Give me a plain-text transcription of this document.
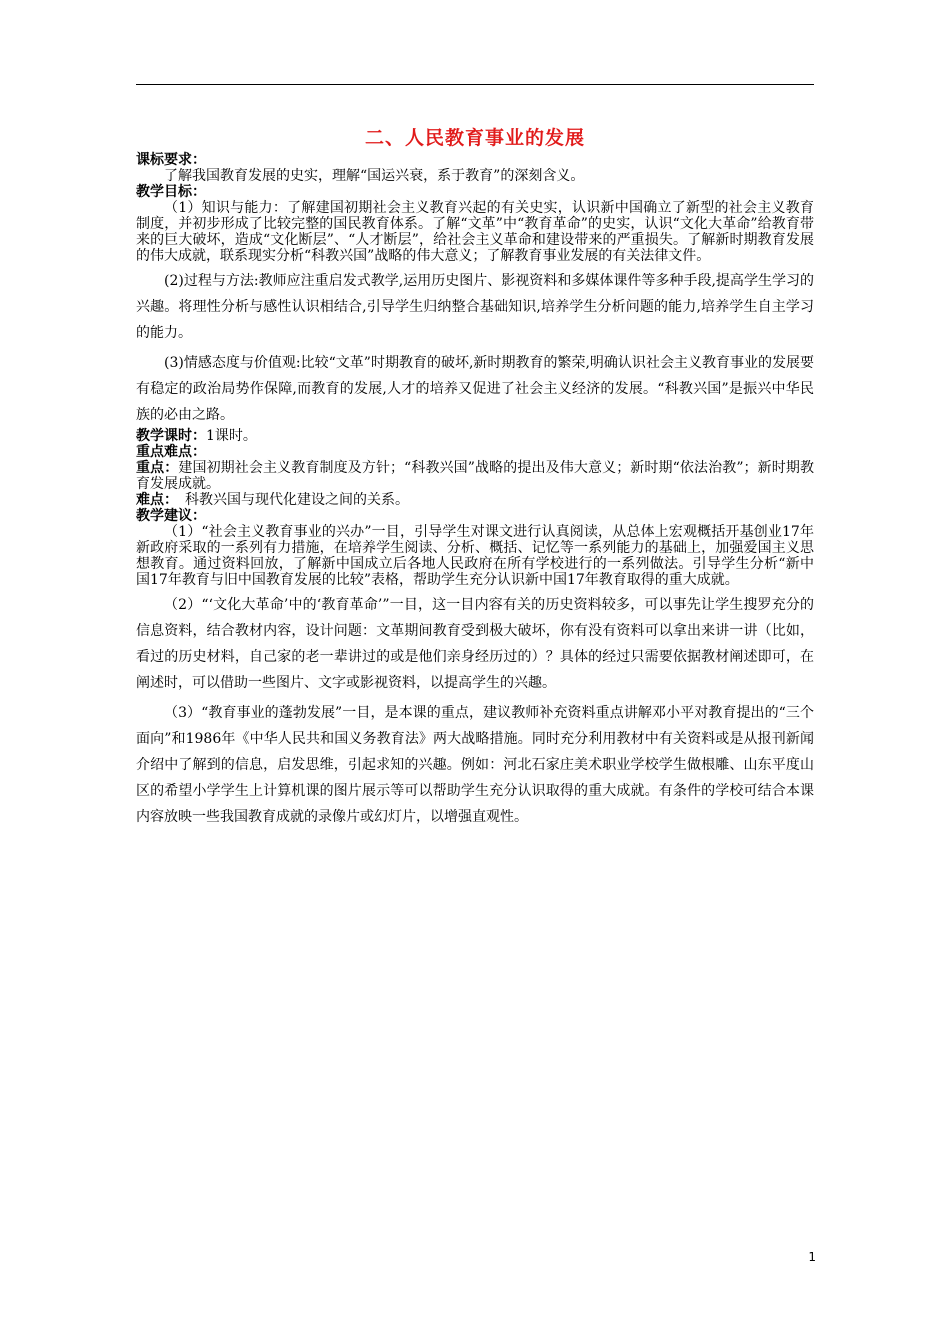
二、人民教育事业的发展
课标要求：

了解我国教育发展的史实，理解“国运兴衰，系于教育”的深刻含义。

教学目标：

（1）知识与能力：了解建国初期社会主义教育兴起的有关史实，认识新中国确立了新型的社会主义教育制度，并初步形成了比较完整的国民教育体系。了解“文革”中“教育革命”的史实，认识“文化大革命”给教育带来的巨大破坏，造成“文化断层”、“人才断层”，给社会主义革命和建设带来的严重损失。了解新时期教育发展的伟大成就，联系现实分析“科教兴国”战略的伟大意义；了解教育事业发展的有关法律文件。

(2)过程与方法:教师应注重启发式教学,运用历史图片、影视资料和多媒体课件等多种手段,提高学生学习的兴趣。将理性分析与感性认识相结合,引导学生归纳整合基础知识,培养学生分析问题的能力,培养学生自主学习的能力。

(3)情感态度与价值观:比较“文革”时期教育的破坏,新时期教育的繁荣,明确认识社会主义教育事业的发展要有稳定的政治局势作保障,而教育的发展,人才的培养又促进了社会主义经济的发展。“科教兴国”是振兴中华民族的必由之路。

教学课时：1课时。
重点难点：
重点：建国初期社会主义教育制度及方针；“科教兴国”战略的提出及伟大意义；新时期“依法治教”；新时期教育发展成就。
难点：　科教兴国与现代化建设之间的关系。
教学建议：

（1）“社会主义教育事业的兴办”一目，引导学生对课文进行认真阅读，从总体上宏观概括开基创业17年新政府采取的一系列有力措施，在培养学生阅读、分析、概括、记忆等一系列能力的基础上，加强爱国主义思想教育。通过资料回放，了解新中国成立后各地人民政府在所有学校进行的一系列做法。引导学生分析“新中国17年教育与旧中国教育发展的比较”表格，帮助学生充分认识新中国17年教育取得的重大成就。

（2）“‘文化大革命’中的‘教育革命’”一目，这一目内容有关的历史资料较多，可以事先让学生搜罗充分的信息资料，结合教材内容，设计问题：文革期间教育受到极大破坏，你有没有资料可以拿出来讲一讲（比如，看过的历史材料，自己家的老一辈讲过的或是他们亲身经历过的）？具体的经过只需要依据教材阐述即可，在阐述时，可以借助一些图片、文字或影视资料，以提高学生的兴趣。

（3）“教育事业的蓬勃发展”一目，是本课的重点，建议教师补充资料重点讲解邓小平对教育提出的“三个面向”和1986年《中华人民共和国义务教育法》两大战略措施。同时充分利用教材中有关资料或是从报刊新闻介绍中了解到的信息，启发思维，引起求知的兴趣。例如：河北石家庄美术职业学校学生做根雕、山东平度山区的希望小学学生上计算机课的图片展示等可以帮助学生充分认识取得的重大成就。有条件的学校可结合本课内容放映一些我国教育成就的录像片或幻灯片，以增强直观性。

1
